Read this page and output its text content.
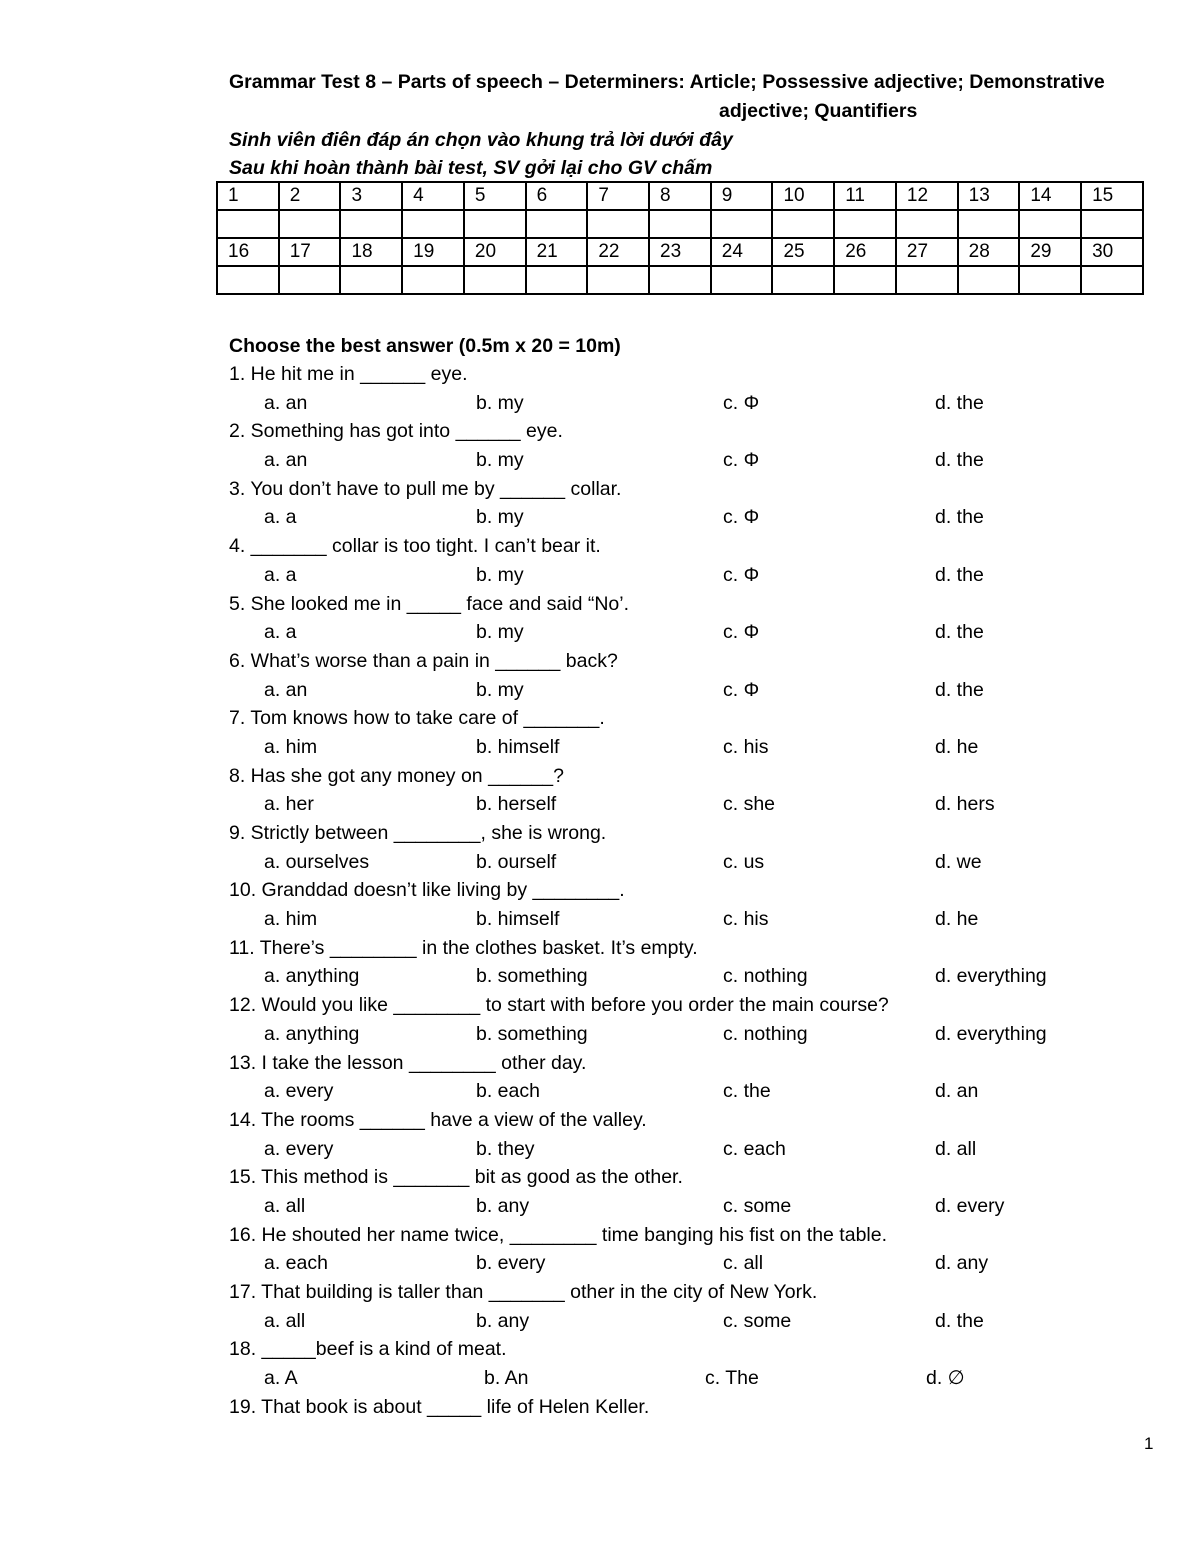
Grammar Test 8 – Parts of speech – Determiners: Article; Possessive adjective; Demonstrative
adjective; Quantifiers
Sinh viên điên đáp án chọn vào khung trả lời dưới đây
Sau khi hoàn thành bài test, SV gởi lại cho GV chấm
1	2	3	4	5	6	7	8	9	10	11	12	13	14	15

16	17	18	19	20	21	22	23	24	25	26	27	28	29	30

Choose the best answer (0.5m x 20 = 10m)
1. He hit me in ______ eye.
a. an	b. my	c. Φ	d. the
2. Something has got into ______ eye.
a. an	b. my	c. Φ	d. the
3. You don’t have to pull me by ______ collar.
a. a	b. my	c. Φ	d. the
4. _______ collar is too tight. I can’t bear it.
a. a	b. my	c. Φ	d. the
5. She looked me in _____ face and said “No’.
a. a	b. my	c. Φ	d. the
6. What’s worse than a pain in ______ back?
a. an	b. my	c. Φ	d. the
7. Tom knows how to take care of _______.
a. him	b. himself	c. his	d. he
8. Has she got any money on ______?
a. her	b. herself	c. she	d. hers
9. Strictly between ________, she is wrong.
a. ourselves	b. ourself	c. us	d. we
10. Granddad doesn’t like living by ________.
a. him	b. himself	c. his	d. he
11. There’s ________ in the clothes basket. It’s empty.
a. anything	b. something	c. nothing	d. everything
12. Would you like ________ to start with before you order the main course?
a. anything	b. something	c. nothing	d. everything
13. I take the lesson ________ other day.
a. every	b. each	c. the	d. an
14. The rooms ______ have a view of the valley.
a. every	b. they	c. each	d. all
15. This method is _______ bit as good as the other.
a. all	b. any	c. some	d. every
16. He shouted her name twice, ________ time banging his fist on the table.
a. each	b. every	c. all	d. any
17. That building is taller than _______ other in the city of New York.
a. all	b. any	c. some	d. the
18. _____beef is a kind of meat.
a. A	b. An	c. The	d. ∅
19. That book is about _____ life of Helen Keller.
1
